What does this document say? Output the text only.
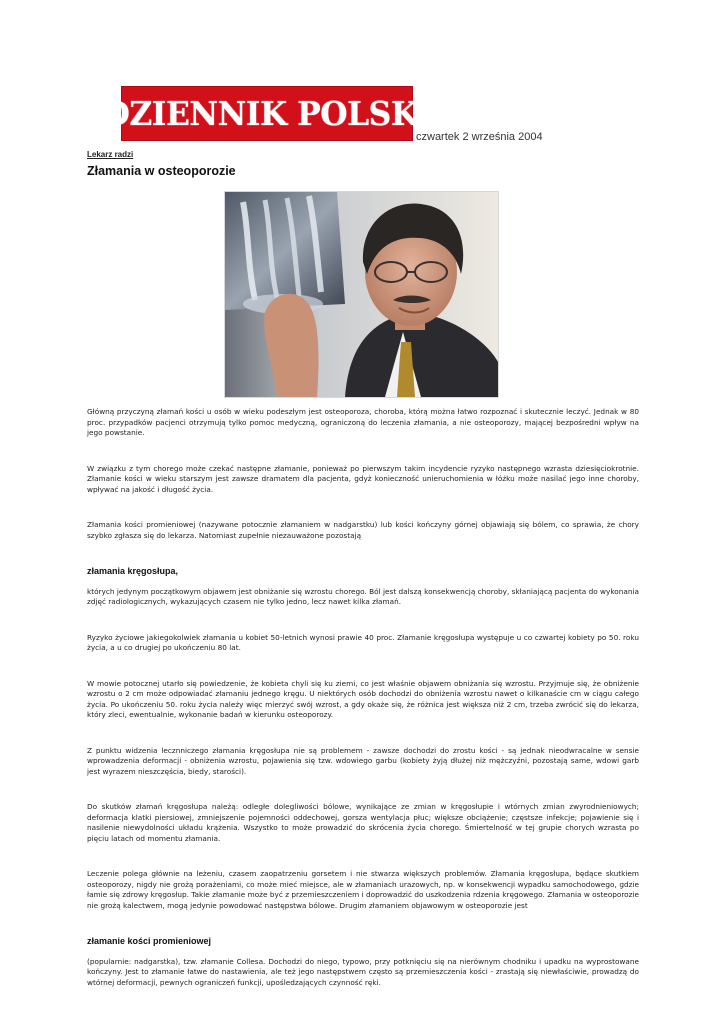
DZIENNIK POLSKI
czwartek 2 września 2004
Lekarz radzi
Złamania w osteoporozie

Główną przyczyną złamań kości u osób w wieku podeszłym jest osteoporoza, choroba, którą można łatwo rozpoznać i skutecznie leczyć. Jednak w 80 proc. przypadków pacjenci otrzymują tylko pomoc medyczną, ograniczoną do leczenia złamania, a nie osteoporozy, mającej bezpośredni wpływ na jego powstanie.

W związku z tym chorego może czekać następne złamanie, ponieważ po pierwszym takim incydencie ryzyko następnego wzrasta dziesięciokrotnie. Złamanie kości w wieku starszym jest zawsze dramatem dla pacjenta, gdyż konieczność unieruchomienia w łóżku może nasilać jego inne choroby, wpływać na jakość i długość życia.

Złamania kości promieniowej (nazywane potocznie złamaniem w nadgarstku) lub kości kończyny górnej objawiają się bólem, co sprawia, że chory szybko zgłasza się do lekarza. Natomiast zupełnie niezauważone pozostają

złamania kręgosłupa,

których jedynym początkowym objawem jest obniżanie się wzrostu chorego. Ból jest dalszą konsekwencją choroby, skłaniającą pacjenta do wykonania zdjęć radiologicznych, wykazujących czasem nie tylko jedno, lecz nawet kilka złamań.

Ryzyko życiowe jakiegokolwiek złamania u kobiet 50-letnich wynosi prawie 40 proc. Złamanie kręgosłupa występuje u co czwartej kobiety po 50. roku życia, a u co drugiej po ukończeniu 80 lat.

W mowie potocznej utarło się powiedzenie, że kobieta chyli się ku ziemi, co jest właśnie objawem obniżania się wzrostu. Przyjmuje się, że obniżenie wzrostu o 2 cm może odpowiadać złamaniu jednego kręgu. U niektórych osób dochodzi do obniżenia wzrostu nawet o kilkanaście cm w ciągu całego życia. Po ukończeniu 50. roku życia należy więc mierzyć swój wzrost, a gdy okaże się, że różnica jest większa niż 2 cm, trzeba zwrócić się do lekarza, który zleci, ewentualnie, wykonanie badań w kierunku osteoporozy.

Z punktu widzenia lecznniczego złamania kręgosłupa nie są problemem - zawsze dochodzi do zrostu kości - są jednak nieodwracalne w sensie wprowadzenia deformacji - obniżenia wzrostu, pojawienia się tzw. wdowiego garbu (kobiety żyją dłużej niż mężczyźni, pozostają same, wdowi garb jest wyrazem nieszczęścia, biedy, starości).

Do skutków złamań kręgosłupa należą: odległe dolegliwości bólowe, wynikające ze zmian w kręgosłupie i wtórnych zmian zwyrodnieniowych; deformacja klatki piersiowej, zmniejszenie pojemności oddechowej, gorsza wentylacja płuc; większe obciążenie; częstsze infekcje; pojawienie się i nasilenie niewydolności układu krążenia. Wszystko to może prowadzić do skrócenia życia chorego. Śmiertelność w tej grupie chorych wzrasta po pięciu latach od momentu złamania.

Leczenie polega głównie na leżeniu, czasem zaopatrzeniu gorsetem i nie stwarza większych problemów. Złamania kręgosłupa, będące skutkiem osteoporozy, nigdy nie grożą porażeniami, co może mieć miejsce, ale w złamaniach urazowych, np. w konsekwencji wypadku samochodowego, gdzie łamie się zdrowy kręgosłup. Takie złamanie może być z przemieszczeniem i doprowadzić do uszkodzenia rdzenia kręgowego. Złamania w osteoporozie nie grożą kalectwem, mogą jedynie powodować następstwa bólowe. Drugim złamaniem objawowym w osteoporozie jest

złamanie kości promieniowej

(popularnie: nadgarstka), tzw. złamanie Collesa. Dochodzi do niego, typowo, przy potknięciu się na nierównym chodniku i upadku na wyprostowane kończyny. Jest to złamanie łatwe do nastawienia, ale też jego następstwem często są przemieszczenia kości - zrastają się niewłaściwie, prowadzą do wtórnej deformacji, pewnych ograniczeń funkcji, upośledzających czynność ręki.
